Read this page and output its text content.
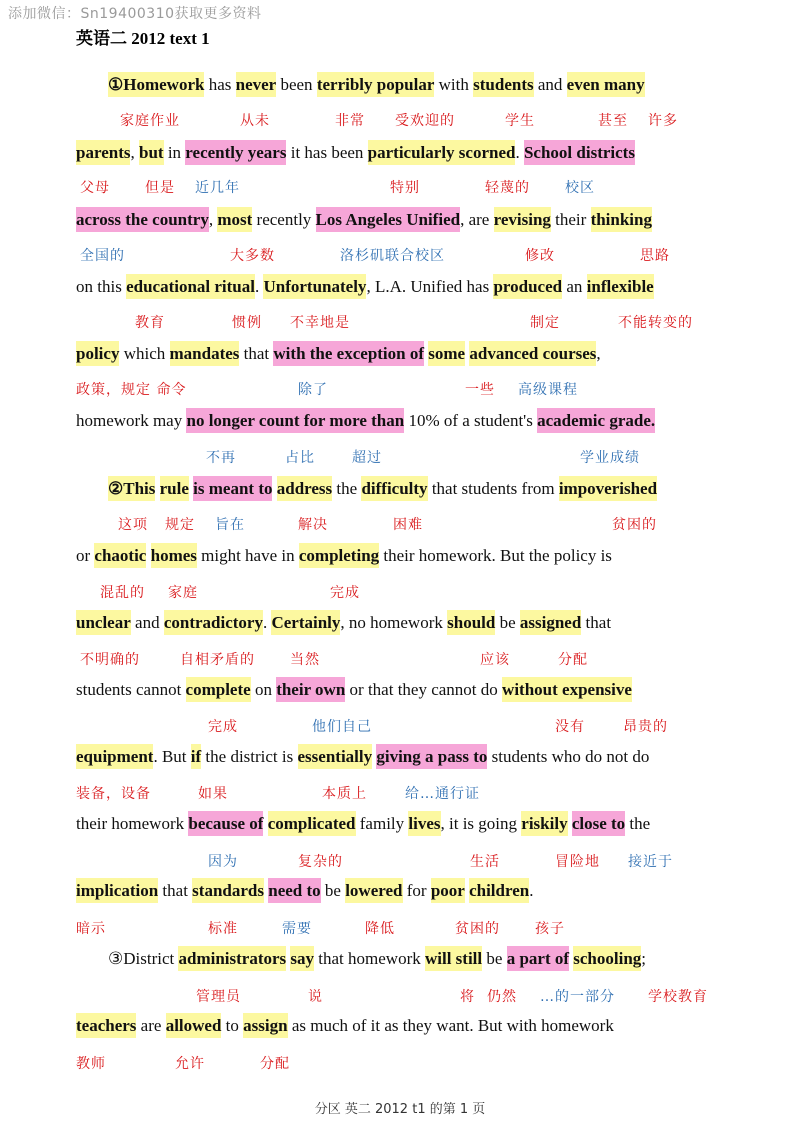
添加微信：Sn19400310获取更多资料
英语二 2012 text 1
①Homework has never been terribly popular with students and even many
parents, but in recently years it has been particularly scorned. School districts
across the country, most recently Los Angeles Unified, are revising their thinking
on this educational ritual. Unfortunately, L.A. Unified has produced an inflexible
policy which mandates that with the exception of some advanced courses,
homework may no longer count for more than 10% of a student's academic grade.
②This rule is meant to address the difficulty that students from impoverished
or chaotic homes might have in completing their homework. But the policy is
unclear and contradictory. Certainly, no homework should be assigned that
students cannot complete on their own or that they cannot do without expensive
equipment. But if the district is essentially giving a pass to students who do not do
their homework because of complicated family lives, it is going riskily close to the
implication that standards need to be lowered for poor children.
③District administrators say that homework will still be a part of schooling;
teachers are allowed to assign as much of it as they want. But with homework
家庭作业	从未	非常 受欢迎的	学生	甚至 许多
父母	但是 近几年	特别	轻蔑的	校区
全国的	大多数	洛杉矶联合校区	修改	思路
教育	惯例 不幸地是	制定	不能转变的
政策，规定 命令	除了	一些 高级课程
不再	占比	超过	学业成绩
这项 规定 旨在	解决	困难	贫困的
混乱的 家庭	完成
不明确的	自相矛盾的	当然	应该	分配
完成	他们自己	没有	昂贵的
装备，设备	如果	本质上	给…通行证
因为	复杂的	生活	冒险地 接近于
暗示	标准	需要	降低	贫困的	孩子
管理员	说	将 仍然 …的一部分 学校教育
教师	允许	分配
分区 英二 2012 t1 的第 1 页
